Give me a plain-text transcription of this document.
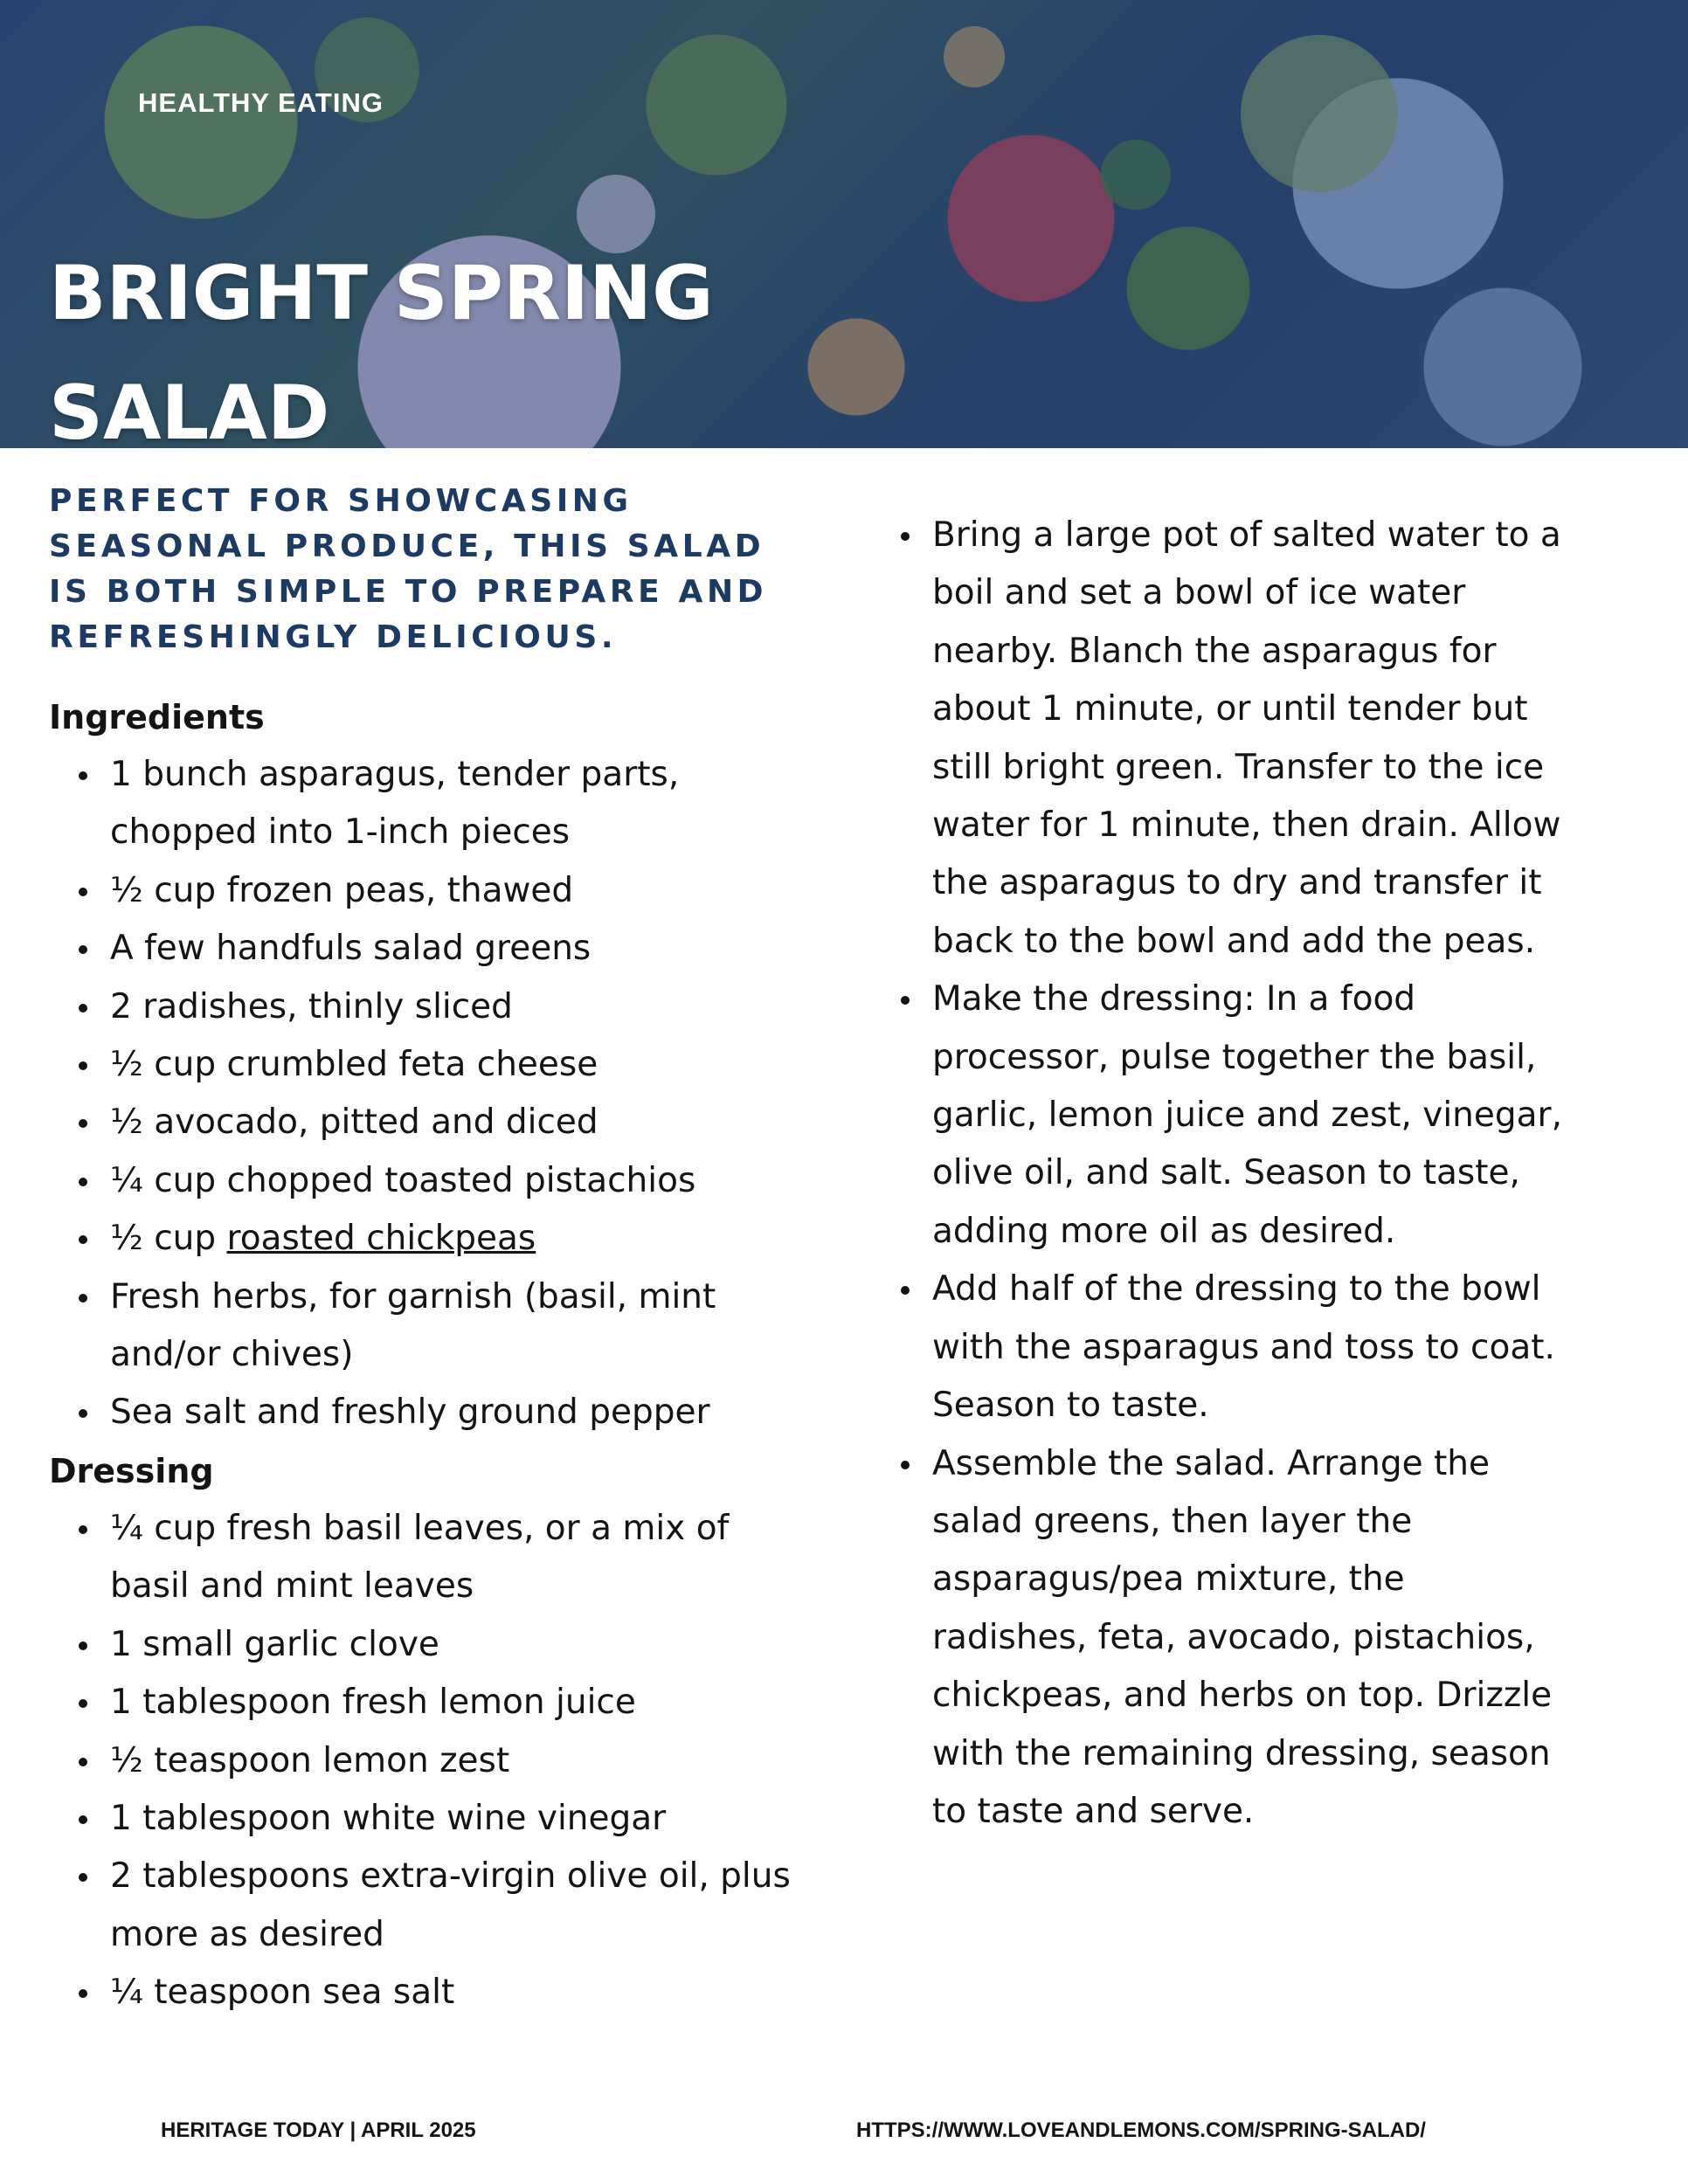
HEALTHY EATING
BRIGHT SPRING SALAD

PERFECT FOR SHOWCASING SEASONAL PRODUCE, THIS SALAD IS BOTH SIMPLE TO PREPARE AND REFRESHINGLY DELICIOUS.

Ingredients
1 bunch asparagus, tender parts, chopped into 1-inch pieces
½ cup frozen peas, thawed
A few handfuls salad greens
2 radishes, thinly sliced
½ cup crumbled feta cheese
½ avocado, pitted and diced
¼ cup chopped toasted pistachios
½ cup roasted chickpeas
Fresh herbs, for garnish (basil, mint and/or chives)
Sea salt and freshly ground pepper
Dressing
¼ cup fresh basil leaves, or a mix of basil and mint leaves
1 small garlic clove
1 tablespoon fresh lemon juice
½ teaspoon lemon zest
1 tablespoon white wine vinegar
2 tablespoons extra-virgin olive oil, plus more as desired
¼ teaspoon sea salt
Bring a large pot of salted water to a boil and set a bowl of ice water nearby. Blanch the asparagus for about 1 minute, or until tender but still bright green. Transfer to the ice water for 1 minute, then drain. Allow the asparagus to dry and transfer it back to the bowl and add the peas.
Make the dressing: In a food processor, pulse together the basil, garlic, lemon juice and zest, vinegar, olive oil, and salt. Season to taste, adding more oil as desired.
Add half of the dressing to the bowl with the asparagus and toss to coat. Season to taste.
Assemble the salad. Arrange the salad greens, then layer the asparagus/pea mixture, the radishes, feta, avocado, pistachios, chickpeas, and herbs on top. Drizzle with the remaining dressing, season to taste and serve.
HERITAGE TODAY | APRIL 2025	HTTPS://WWW.LOVEANDLEMONS.COM/SPRING-SALAD/
